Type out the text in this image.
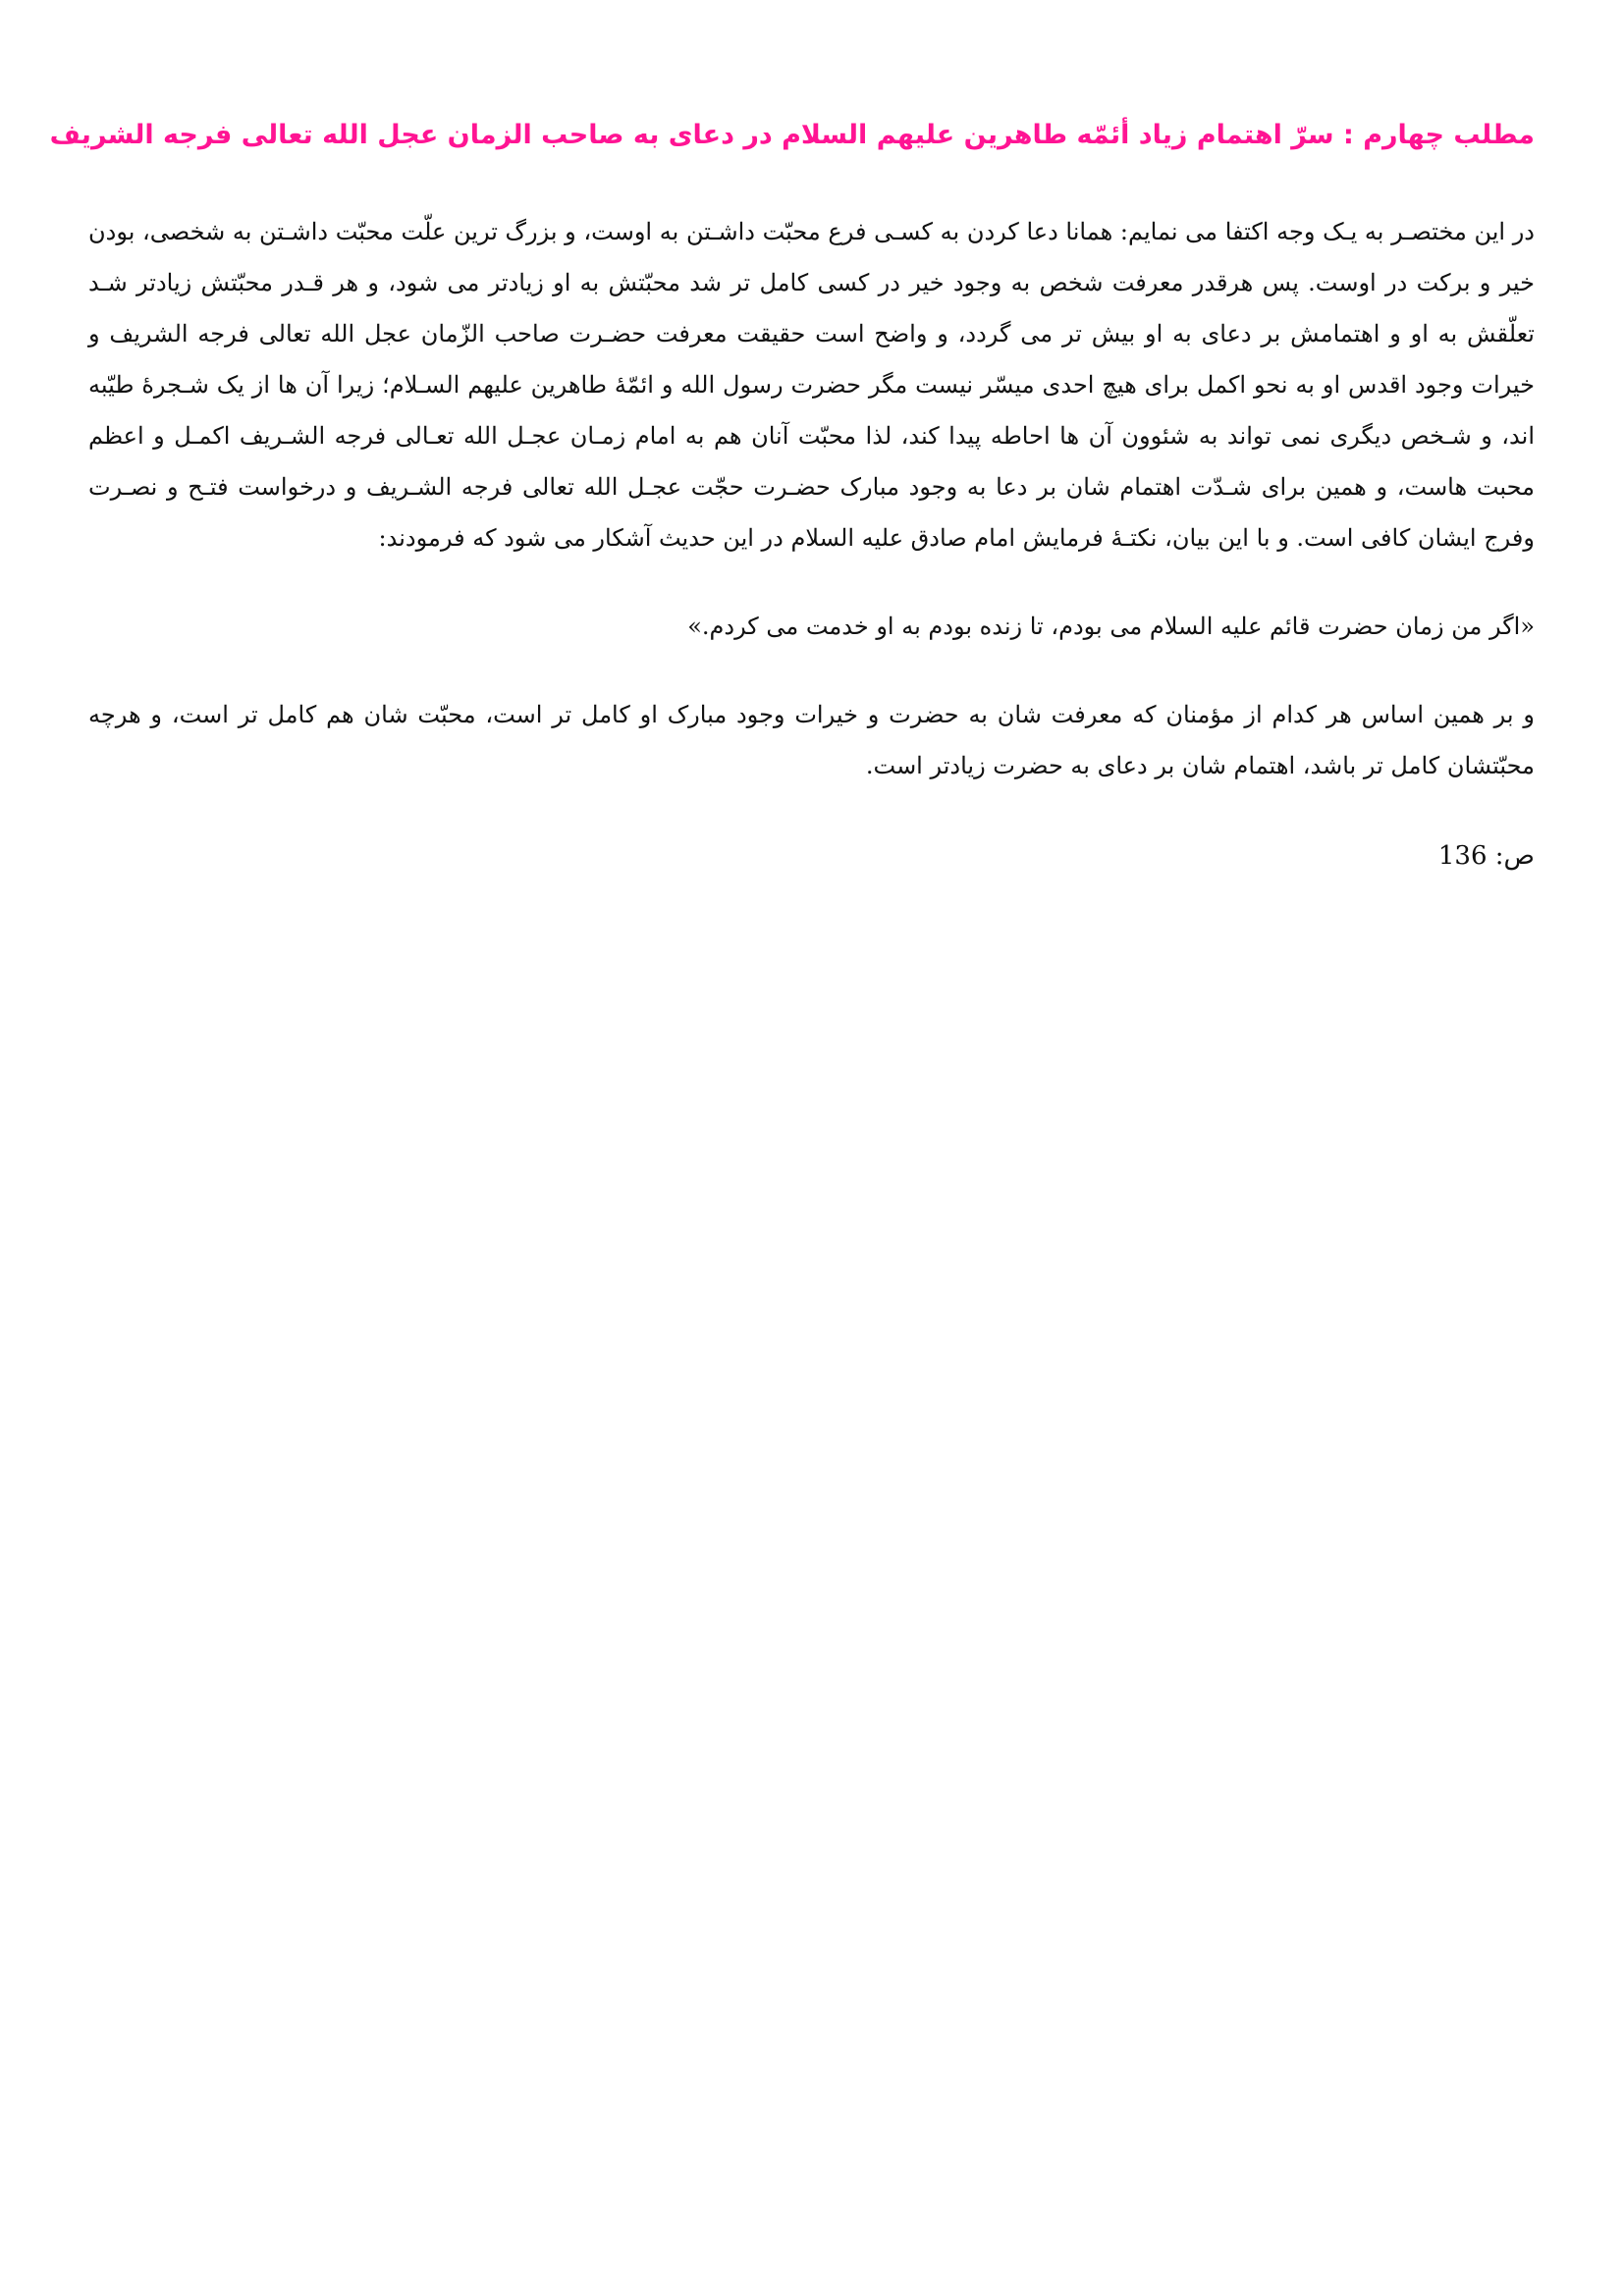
مطلب چهارم : سرّ اهتمام زیاد أئمّه طاهرین علیهم السلام در دعای به صاحب الزمان عجل الله تعالی فرجه الشریف

در این مختصـر به یـک وجه اکتفا می نمایم: همانا دعا کردن به کسـی فرع محبّت داشـتن به اوست، و بزرگ ترین علّت محبّت داشـتن به شخصی، بودن خیر و برکت در اوست. پس هرقدر معرفت شخص به وجود خیر در کسی کامل تر شد محبّتش به او زیادتر می شود، و هر قـدر محبّتش زیادتر شـد تعلّقش به او و اهتمامش بر دعای به او بیش تر می گردد، و واضح است حقیقت معرفت حضـرت صاحب الزّمان عجل الله تعالی فرجه الشریف و خیرات وجود اقدس او به نحو اکمل برای هیچ احدی میسّر نیست مگر حضرت رسول الله و ائمّهٔ طاهرین علیهم السـلام؛ زیرا آن ها از یک شـجرهٔ طیّبه اند، و شـخص دیگری نمی تواند به شئوون آن ها احاطه پیدا کند، لذا محبّت آنان هم به امام زمـان عجـل الله تعـالی فرجه الشـریف اکمـل و اعظم محبت هاست، و همین برای شـدّت اهتمام شان بر دعا به وجود مبارک حضـرت حجّت عجـل الله تعالی فرجه الشـریف و درخواست فتـح و نصـرت وفرج ایشان کافی است. و با این بیان، نکتـهٔ فرمایش امام صادق علیه السلام در این حدیث آشکار می شود که فرمودند:

«اگر من زمان حضرت قائم علیه السلام می بودم، تا زنده بودم به او خدمت می کردم.»

و بر همین اساس هر کدام از مؤمنان که معرفت شان به حضرت و خیرات وجود مبارک او کامل تر است، محبّت شان هم کامل تر است، و هرچه محبّتشان کامل تر باشد، اهتمام شان بر دعای به حضرت زیادتر است.

ص: 136
